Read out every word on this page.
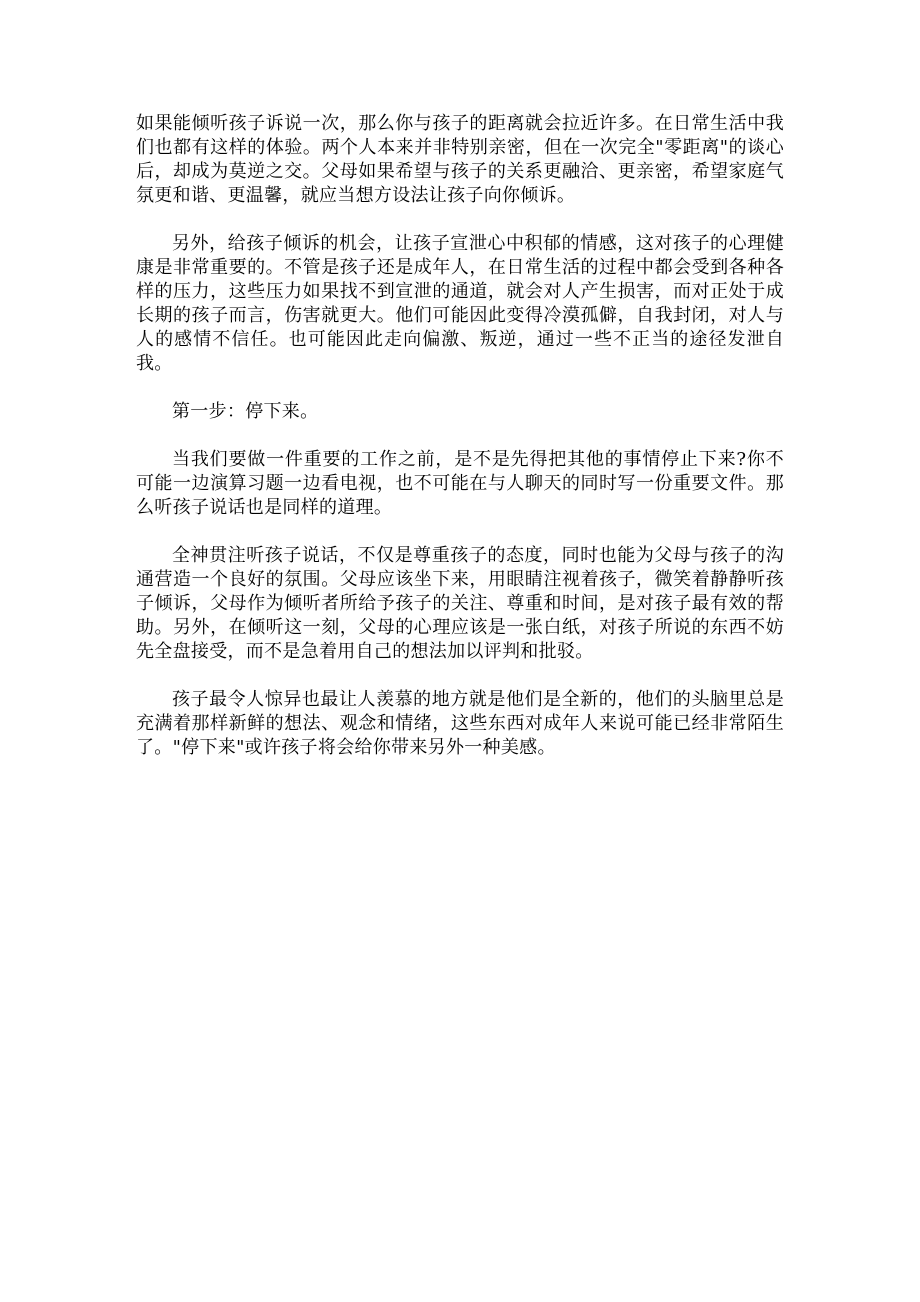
如果能倾听孩子诉说一次，那么你与孩子的距离就会拉近许多。在日常生活中我们也都有这样的体验。两个人本来并非特别亲密，但在一次完全"零距离"的谈心后，却成为莫逆之交。父母如果希望与孩子的关系更融洽、更亲密，希望家庭气氛更和谐、更温馨，就应当想方设法让孩子向你倾诉。

另外，给孩子倾诉的机会，让孩子宣泄心中积郁的情感，这对孩子的心理健康是非常重要的。不管是孩子还是成年人，在日常生活的过程中都会受到各种各样的压力，这些压力如果找不到宣泄的通道，就会对人产生损害，而对正处于成长期的孩子而言，伤害就更大。他们可能因此变得冷漠孤僻，自我封闭，对人与人的感情不信任。也可能因此走向偏激、叛逆，通过一些不正当的途径发泄自我。

第一步：停下来。

当我们要做一件重要的工作之前，是不是先得把其他的事情停止下来?你不可能一边演算习题一边看电视，也不可能在与人聊天的同时写一份重要文件。那么听孩子说话也是同样的道理。

全神贯注听孩子说话，不仅是尊重孩子的态度，同时也能为父母与孩子的沟通营造一个良好的氛围。父母应该坐下来，用眼睛注视着孩子，微笑着静静听孩子倾诉，父母作为倾听者所给予孩子的关注、尊重和时间，是对孩子最有效的帮助。另外，在倾听这一刻，父母的心理应该是一张白纸，对孩子所说的东西不妨先全盘接受，而不是急着用自己的想法加以评判和批驳。

孩子最令人惊异也最让人羡慕的地方就是他们是全新的，他们的头脑里总是充满着那样新鲜的想法、观念和情绪，这些东西对成年人来说可能已经非常陌生了。"停下来"或许孩子将会给你带来另外一种美感。
